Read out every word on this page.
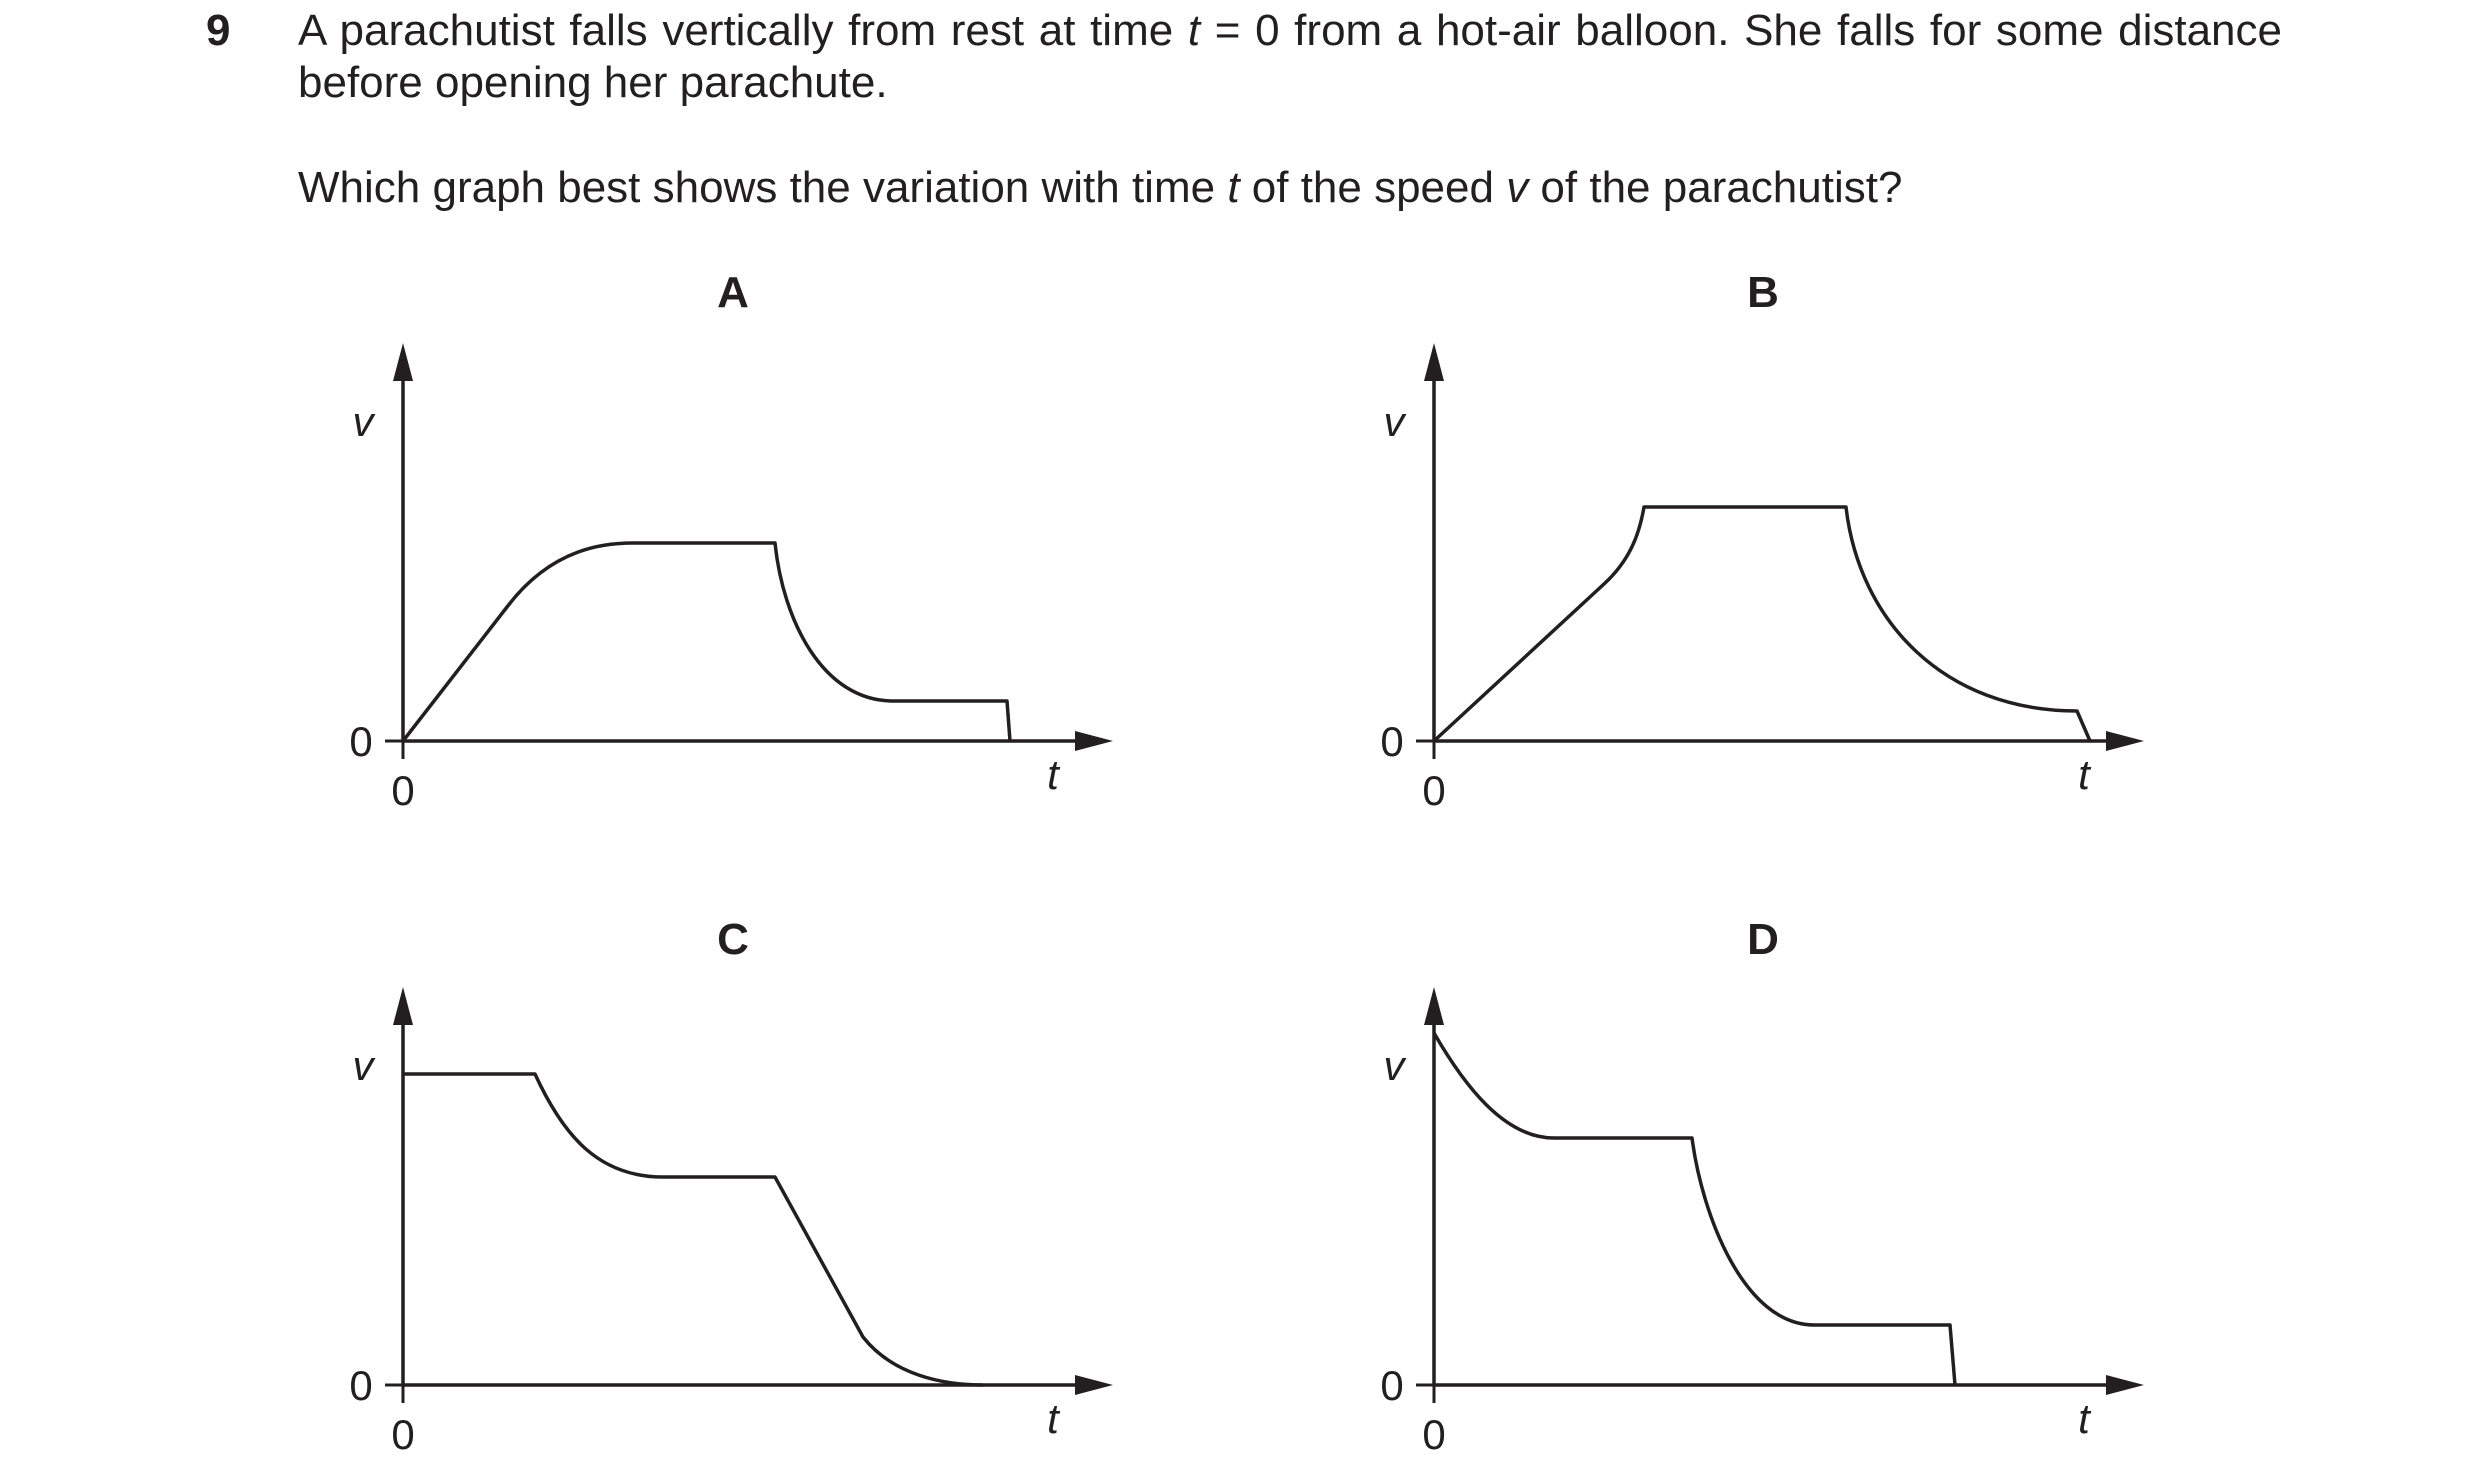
9 A parachutist falls vertically from rest at time t = 0 from a hot-air balloon. She falls for some distance before opening her parachute.

Which graph best shows the variation with time t of the speed v of the parachutist?

A	B
C	D
v
0
0	t
v
0
0	t
v
0
0	t
v
0
0	t
